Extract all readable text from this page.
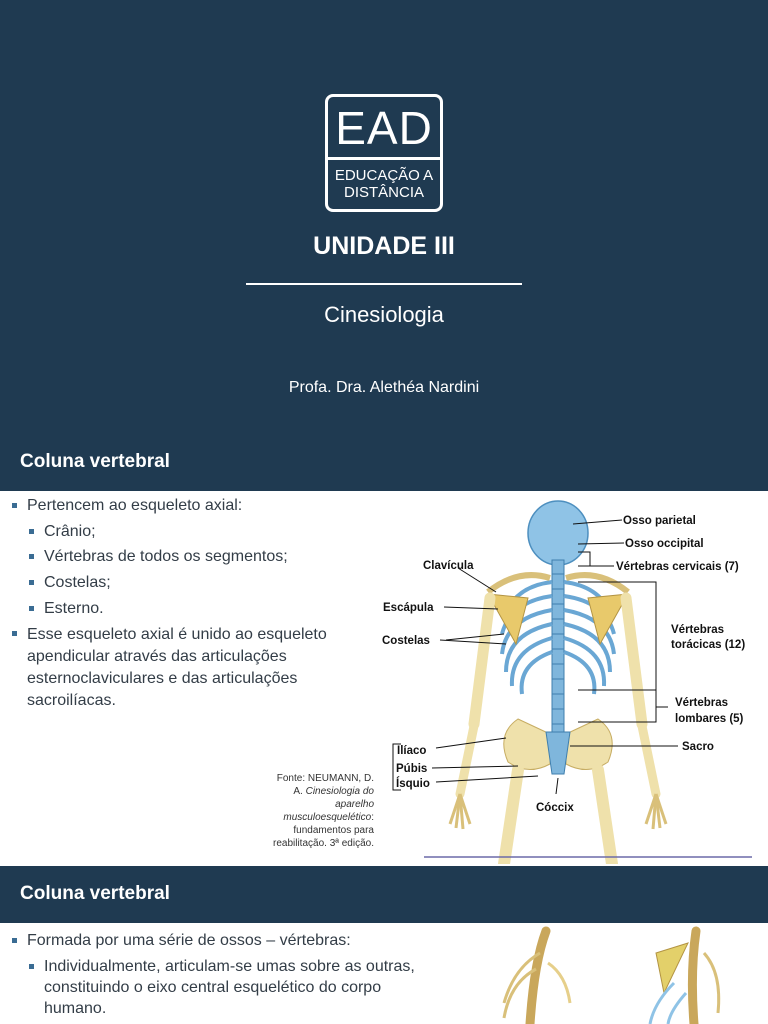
EAD
EDUCAÇÃO A
DISTÂNCIA
UNIDADE III
Cinesiologia
Profa. Dra. Alethéa Nardini
Coluna vertebral
Pertencem ao esqueleto axial:
Crânio;
Vértebras de todos os segmentos;
Costelas;
Esterno.
Esse esqueleto axial é unido ao esqueleto
apendicular através das articulações
esternoclaviculares e das articulações
sacroilíacas.
Fonte: NEUMANN, D.
A. Cinesiologia do
aparelho
musculoesquelético:
fundamentos para
reabilitação. 3ª edição.
Osso parietal
Osso occipital
Clavícula	Vértebras cervicais (7)
Escápula
Vértebras
torácicas (12)
Costelas
Vértebras
lombares (5)
Ilíaco	Sacro
Púbis
Ísquio
Cóccix
Coluna vertebral
Formada por uma série de ossos – vértebras:
Individualmente, articulam-se umas sobre as outras,
constituindo o eixo central esquelético do corpo
humano.
